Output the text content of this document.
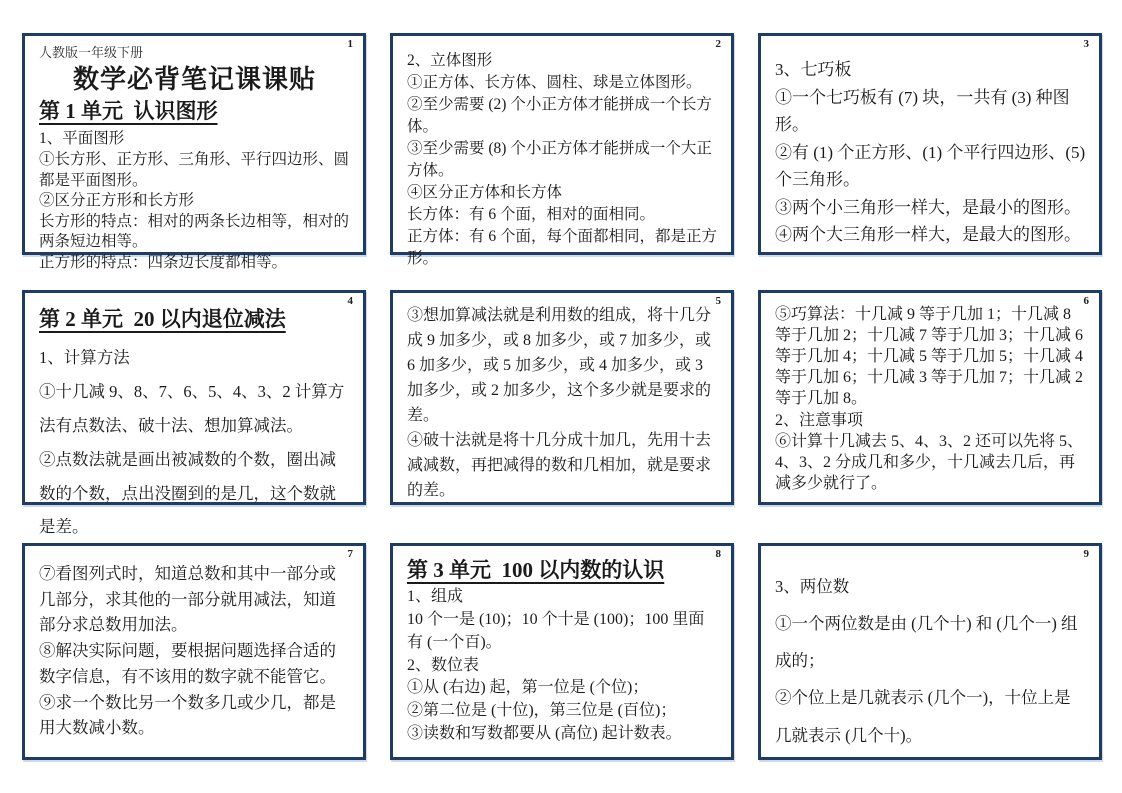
1
人教版一年级下册
数学必背笔记课课贴
第 1 单元  认识图形
1、平面图形
①长方形、正方形、三角形、平行四边形、圆都是平面图形。
②区分正方形和长方形
长方形的特点：相对的两条长边相等，相对的两条短边相等。
正方形的特点：四条边长度都相等。
2
2、立体图形
①正方体、长方体、圆柱、球是立体图形。
②至少需要 (2) 个小正方体才能拼成一个长方体。
③至少需要 (8) 个小正方体才能拼成一个大正方体。
④区分正方体和长方体
长方体：有 6 个面，相对的面相同。
正方体：有 6 个面，每个面都相同，都是正方形。
3
3、七巧板
①一个七巧板有 (7) 块，一共有 (3) 种图形。
②有 (1) 个正方形、(1) 个平行四边形、(5) 个三角形。
③两个小三角形一样大，是最小的图形。
④两个大三角形一样大，是最大的图形。
4
第 2 单元  20 以内退位减法
1、计算方法
①十几减 9、8、7、6、5、4、3、2 计算方法有点数法、破十法、想加算减法。
②点数法就是画出被减数的个数，圈出减数的个数，点出没圈到的是几，这个数就是差。
5
③想加算减法就是利用数的组成，将十几分成 9 加多少，或 8 加多少，或 7 加多少，或 6 加多少，或 5 加多少，或 4 加多少，或 3 加多少，或 2 加多少，这个多少就是要求的差。
④破十法就是将十几分成十加几，先用十去减减数，再把减得的数和几相加，就是要求的差。
6
⑤巧算法：十几减 9 等于几加 1；十几减 8 等于几加 2；十几减 7 等于几加 3；十几减 6 等于几加 4；十几减 5 等于几加 5；十几减 4 等于几加 6；十几减 3 等于几加 7；十几减 2 等于几加 8。
2、注意事项
⑥计算十几减去 5、4、3、2 还可以先将 5、4、3、2 分成几和多少，十几减去几后，再减多少就行了。
7
⑦看图列式时，知道总数和其中一部分或几部分，求其他的一部分就用减法，知道部分求总数用加法。
⑧解决实际问题，要根据问题选择合适的数字信息，有不该用的数字就不能管它。
⑨求一个数比另一个数多几或少几，都是用大数减小数。
8
第 3 单元  100 以内数的认识
1、组成
10 个一是 (10)；10 个十是 (100)；100 里面有 (一个百)。
2、数位表
①从 (右边) 起，第一位是 (个位)；
②第二位是 (十位)，第三位是 (百位)；
③读数和写数都要从 (高位) 起计数表。
9
3、两位数
①一个两位数是由 (几个十) 和 (几个一) 组成的；
②个位上是几就表示 (几个一)，十位上是几就表示 (几个十)。
